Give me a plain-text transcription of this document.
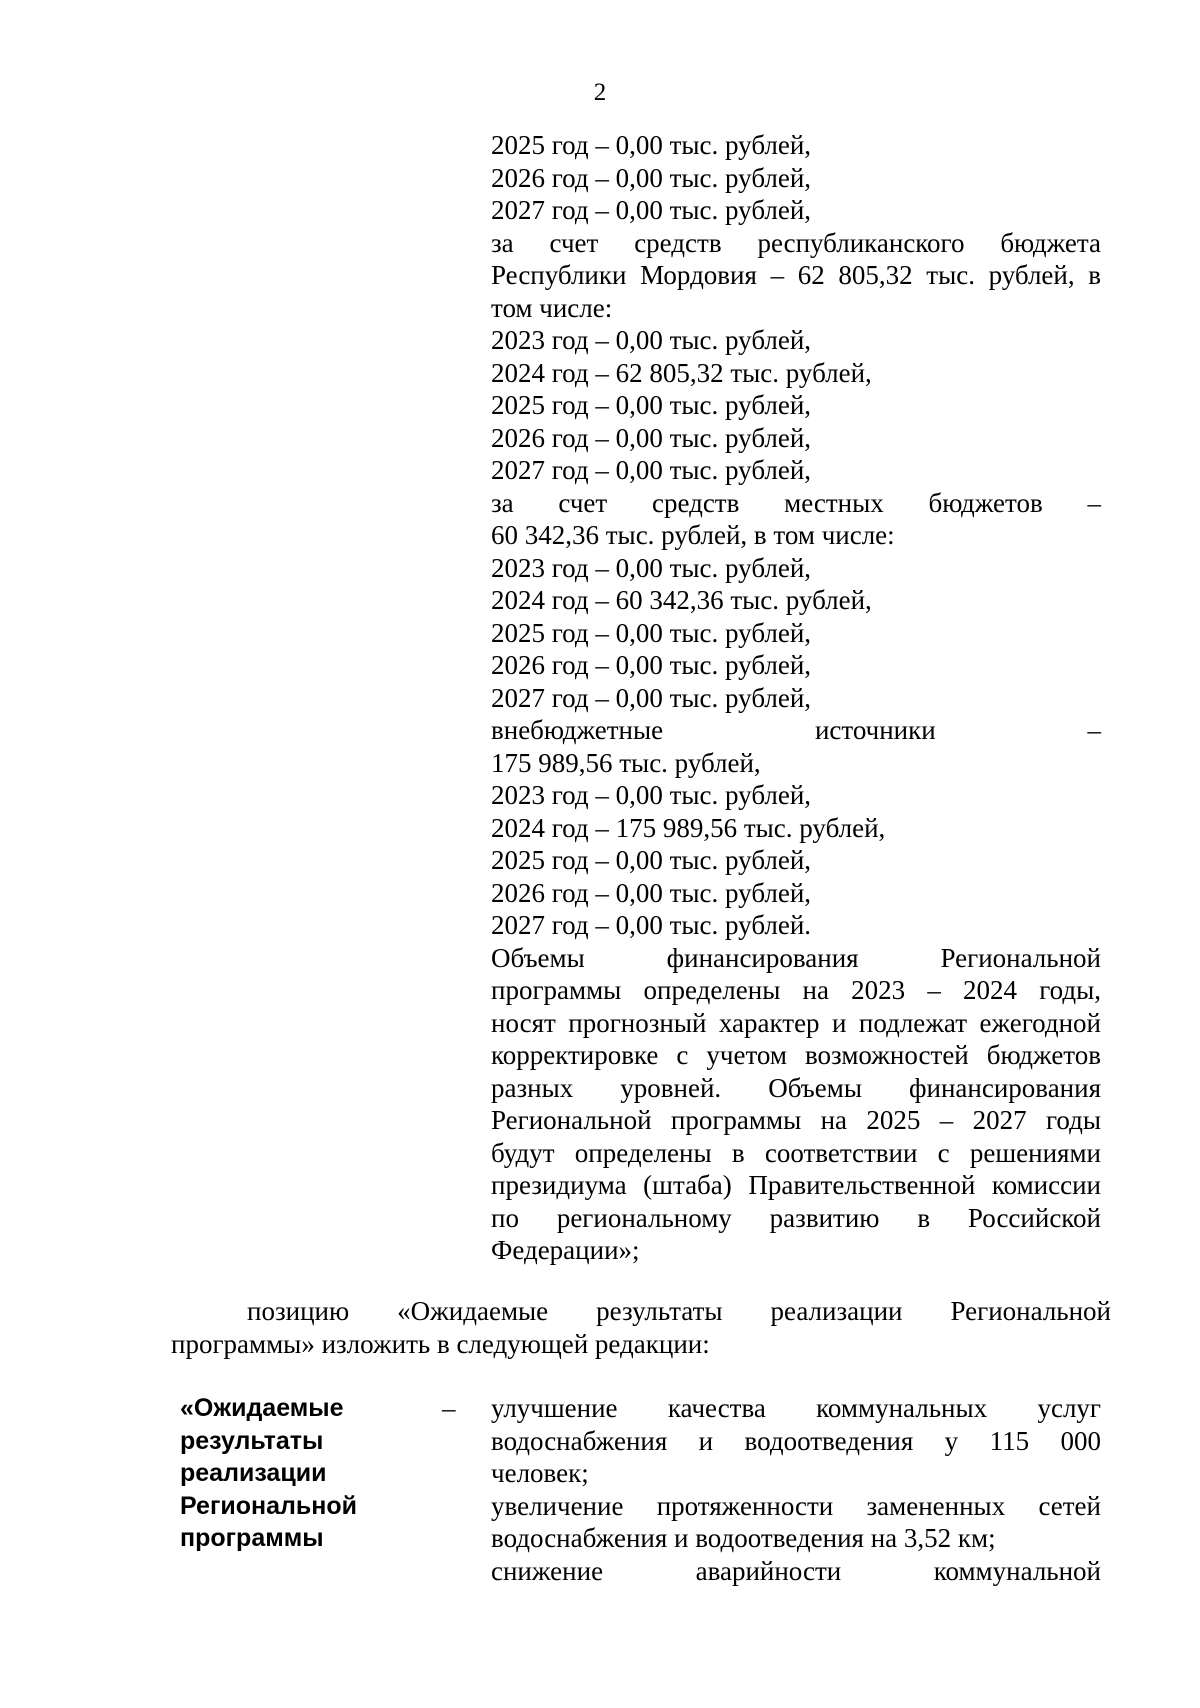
2
2025 год – 0,00 тыс. рублей,
2026 год – 0,00 тыс. рублей,
2027 год – 0,00 тыс. рублей,
за счет средств республиканского бюджета
Республики Мордовия – 62 805,32 тыс. рублей, в
том числе:
2023 год – 0,00 тыс. рублей,
2024 год – 62 805,32 тыс. рублей,
2025 год – 0,00 тыс. рублей,
2026 год – 0,00 тыс. рублей,
2027 год – 0,00 тыс. рублей,
за счет средств местных бюджетов –
60 342,36 тыс. рублей, в том числе:
2023 год – 0,00 тыс. рублей,
2024 год – 60 342,36 тыс. рублей,
2025 год – 0,00 тыс. рублей,
2026 год – 0,00 тыс. рублей,
2027 год – 0,00 тыс. рублей,
внебюджетные источники –
175 989,56 тыс. рублей,
2023 год – 0,00 тыс. рублей,
2024 год – 175 989,56 тыс. рублей,
2025 год – 0,00 тыс. рублей,
2026 год – 0,00 тыс. рублей,
2027 год – 0,00 тыс. рублей.
Объемы финансирования Региональной
программы определены на 2023 – 2024 годы,
носят прогнозный характер и подлежат ежегодной
корректировке с учетом возможностей бюджетов
разных уровней. Объемы финансирования
Региональной программы на 2025 – 2027 годы
будут определены в соответствии с решениями
президиума (штаба) Правительственной комиссии
по региональному развитию в Российской
Федерации»;
позицию «Ожидаемые результаты реализации Региональной
программы» изложить в следующей редакции:
«Ожидаемые
результаты
реализации
Региональной
программы
– улучшение качества коммунальных услуг
водоснабжения и водоотведения у 115 000
человек;
увеличение протяженности замененных сетей
водоснабжения и водоотведения на 3,52 км;
снижение аварийности коммунальной
